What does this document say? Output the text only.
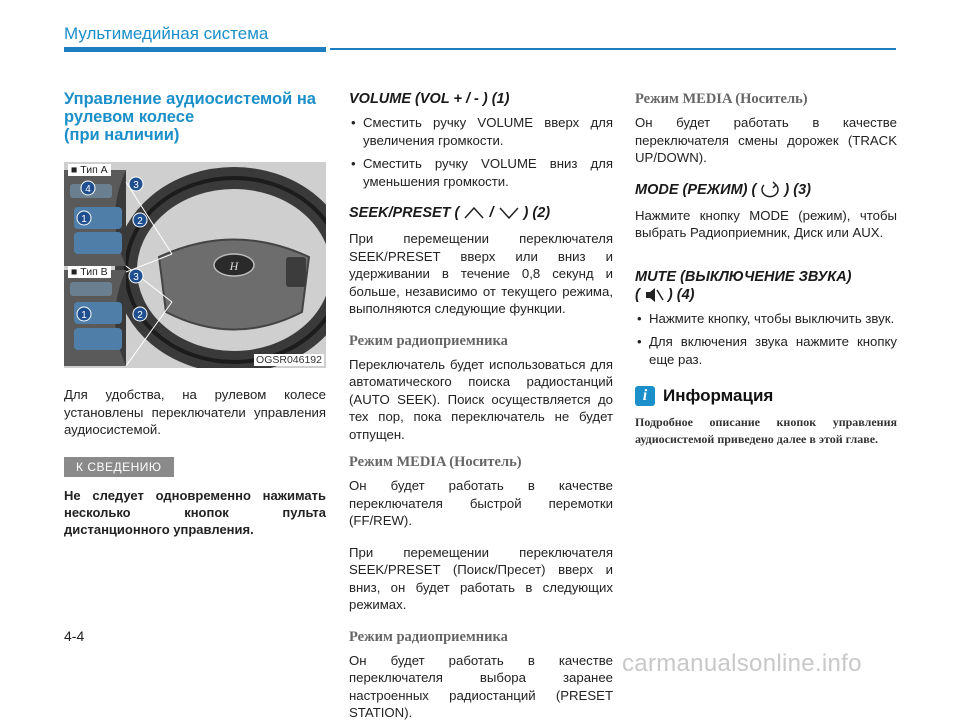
Мультимедийная система
Управление аудиосистемой на
рулевом колесе
(при наличии)
H
4	3
1	2
3
1	2
■ Тип A
■ Тип B
OGSR046192

Для удобства, на рулевом колесе установлены переключатели управления аудиосистемой.

К СВЕДЕНИЮ

Не следует одновременно нажимать несколько кнопок пульта дистанционного управления.

VOLUME (VOL + / - ) (1)
• Сместить ручку VOLUME вверх для увеличения громкости.
• Сместить ручку VOLUME вниз для уменьшения громкости.
SEEK/PRESET ( / ) (2)

При перемещении переключателя SEEK/PRESET вверх или вниз и удерживании в течение 0,8 секунд и больше, независимо от текущего режима, выполняются следующие функции.

Режим радиоприемника

Переключатель будет использоваться для автоматического поиска радиостанций (AUTO SEEK). Поиск осуществляется до тех пор, пока переключатель не будет отпущен.

Режим MEDIA (Носитель)

Он будет работать в качестве переключателя быстрой перемотки (FF/REW).

При перемещении переключателя SEEK/PRESET (Поиск/Пресет) вверх и вниз, он будет работать в следующих режимах.

Режим радиоприемника

Он будет работать в качестве переключателя выбора заранее настроенных радиостанций (PRESET STATION).

Режим MEDIA (Носитель)

Он будет работать в качестве переключателя смены дорожек (TRACK UP/DOWN).

MODE (РЕЖИМ) ( ) (3)

Нажмите кнопку MODE (режим), чтобы выбрать Радиоприемник, Диск или AUX.

MUTE (ВЫКЛЮЧЕНИЕ ЗВУКА)
( ) (4)
• Нажмите кнопку, чтобы выключить звук.
• Для включения звука нажмите кнопку еще раз.
i Информация

Подробное описание кнопок управления аудиосистемой приведено далее в этой главе.

4-4
carmanualsonline.info
